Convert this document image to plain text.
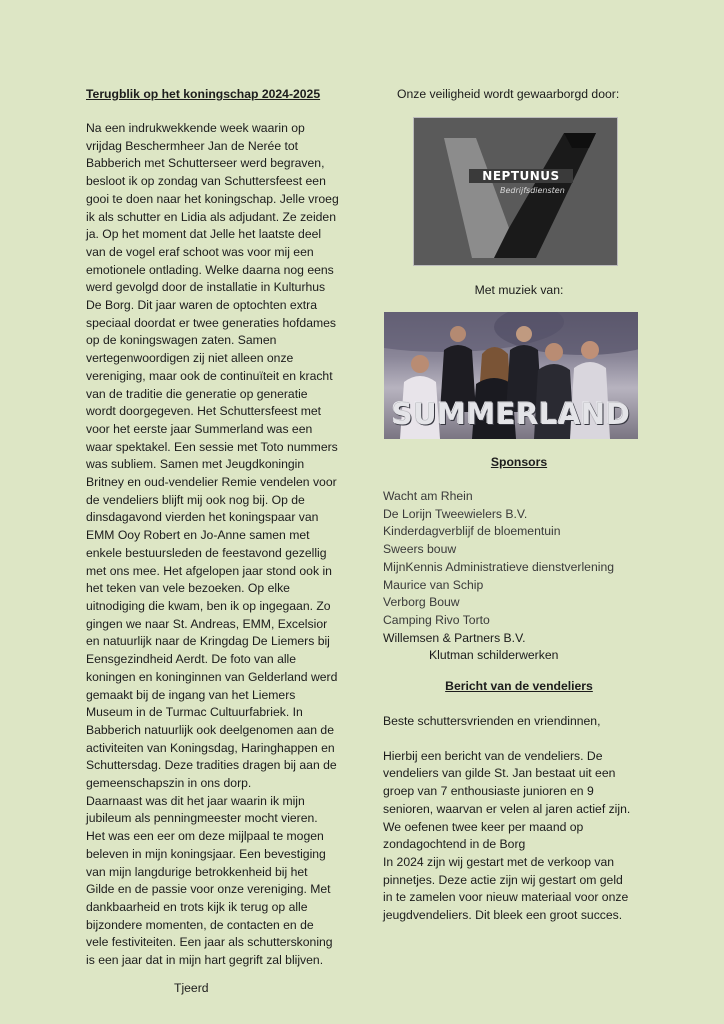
Terugblik op het koningschap 2024-2025

Na een indrukwekkende week waarin op
vrijdag Beschermheer Jan de Nerée tot
Babberich met Schutterseer werd begraven,
besloot ik op zondag van Schuttersfeest een
gooi te doen naar het koningschap. Jelle vroeg
ik als schutter en Lidia als adjudant. Ze zeiden
ja. Op het moment dat Jelle het laatste deel
van de vogel eraf schoot was voor mij een
emotionele ontlading. Welke daarna nog eens
werd gevolgd door de installatie in Kulturhus
De Borg. Dit jaar waren de optochten extra
speciaal doordat er twee generaties hofdames
op de koningswagen zaten. Samen
vertegenwoordigen zij niet alleen onze
vereniging, maar ook de continuïteit en kracht
van de traditie die generatie op generatie
wordt doorgegeven. Het Schuttersfeest met
voor het eerste jaar Summerland was een
waar spektakel. Een sessie met Toto nummers
was subliem. Samen met Jeugdkoningin
Britney en oud-vendelier Remie vendelen voor
de vendeliers blijft mij ook nog bij. Op de
dinsdagavond vierden het koningspaar van
EMM Ooy Robert en Jo-Anne samen met
enkele bestuursleden de feestavond gezellig
met ons mee. Het afgelopen jaar stond ook in
het teken van vele bezoeken. Op elke
uitnodiging die kwam, ben ik op ingegaan. Zo
gingen we naar St. Andreas, EMM, Excelsior
en natuurlijk naar de Kringdag De Liemers bij
Eensgezindheid Aerdt. De foto van alle
koningen en koninginnen van Gelderland werd
gemaakt bij de ingang van het Liemers
Museum in de Turmac Cultuurfabriek. In
Babberich natuurlijk ook deelgenomen aan de
activiteiten van Koningsdag, Haringhappen en
Schuttersdag. Deze tradities dragen bij aan de
gemeenschapszin in ons dorp.
Daarnaast was dit het jaar waarin ik mijn
jubileum als penningmeester mocht vieren.
Het was een eer om deze mijlpaal te mogen
beleven in mijn koningsjaar. Een bevestiging
van mijn langdurige betrokkenheid bij het
Gilde en de passie voor onze vereniging. Met
dankbaarheid en trots kijk ik terug op alle
bijzondere momenten, de contacten en de
vele festiviteiten. Een jaar als schutterskoning
is een jaar dat in mijn hart gegrift zal blijven.

Tjeerd

Onze veiligheid wordt gewaarborgd door:

NEPTUNUS
Bedrijfsdiensten

Met muziek van:

SUMMERLAND

Sponsors

Wacht am Rhein

De Lorijn Tweewielers B.V.

Kinderdagverblijf de bloementuin

Sweers bouw

MijnKennis Administratieve dienstverlening

Maurice van Schip

Verborg Bouw

Camping Rivo Torto

Willemsen & Partners B.V.

Klutman schilderwerken

Bericht van de vendeliers

Beste schuttersvrienden en vriendinnen,

Hierbij een bericht van de vendeliers. De
vendeliers van gilde St. Jan bestaat uit een
groep van 7 enthousiaste junioren en 9
senioren, waarvan er velen al jaren actief zijn.
We oefenen twee keer per maand op
zondagochtend in de Borg
In 2024 zijn wij gestart met de verkoop van
pinnetjes. Deze actie zijn wij gestart om geld
in te zamelen voor nieuw materiaal voor onze
jeugdvendeliers. Dit bleek een groot succes.
